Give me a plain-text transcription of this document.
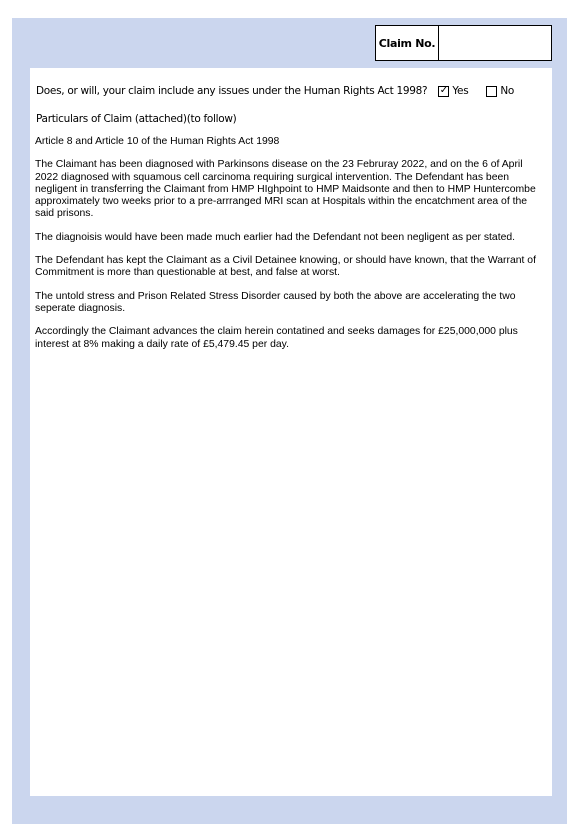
Claim No.
Does, or will, your claim include any issues under the Human Rights Act 1998? ✓ Yes	No
Particulars of Claim (attached)(to follow)

Article 8 and Article 10 of the Human Rights Act 1998

The Claimant has been diagnosed with Parkinsons disease on the 23 Februray 2022, and on the 6 of April 2022 diagnosed with squamous cell carcinoma requiring surgical intervention. The Defendant has been negligent in transferring the Claimant from HMP HIghpoint to HMP Maidsonte and then to HMP Huntercombe approximately two weeks prior to a pre-arrranged MRI scan at Hospitals within the encatchment area of the said prisons.

The diagnoisis would have been made much earlier had the Defendant not been negligent as per stated.

The Defendant has kept the Claimant as a Civil Detainee knowing, or should have known, that the Warrant of Commitment is more than questionable at best, and false at worst.

The untold stress and Prison Related Stress Disorder caused by both the above are accelerating the two seperate diagnosis.

Accordingly the Claimant advances the claim herein contatined and seeks damages for £25,000,000 plus interest at 8% making a daily rate of £5,479.45 per day.
